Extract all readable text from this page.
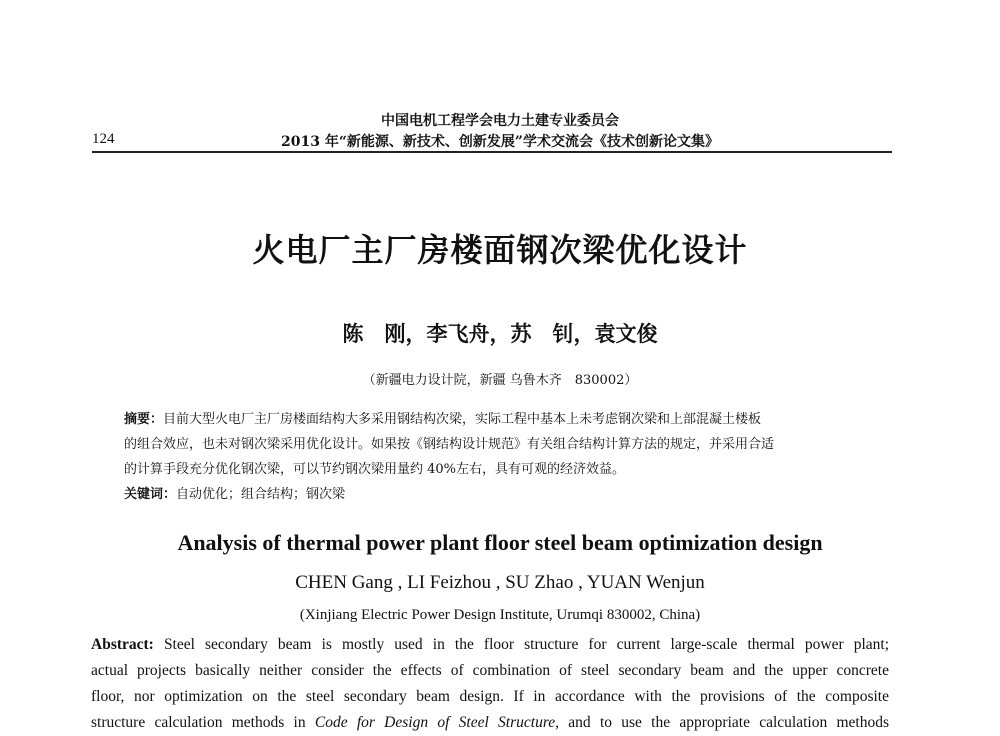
中国电机工程学会电力土建专业委员会
124	2013 年“新能源、新技术、创新发展”学术交流会《技术创新论文集》
火电厂主厂房楼面钢次梁优化设计
陈　刚，李飞舟，苏　钊，袁文俊
（新疆电力设计院，新疆 乌鲁木齐　830002）

摘要：目前大型火电厂主厂房楼面结构大多采用钢结构次梁，实际工程中基本上未考虑钢次梁和上部混凝土楼板

的组合效应，也未对钢次梁采用优化设计。如果按《钢结构设计规范》有关组合结构计算方法的规定，并采用合适

的计算手段充分优化钢次梁，可以节约钢次梁用量约 40%左右，具有可观的经济效益。

关键词：自动优化；组合结构；钢次梁

Analysis of thermal power plant floor steel beam optimization design
CHEN Gang , LI Feizhou , SU Zhao , YUAN Wenjun
(Xinjiang Electric Power Design Institute, Urumqi 830002, China)

Abstract: Steel secondary beam is mostly used in the floor structure for current large-scale thermal power plant;

actual projects basically neither consider the effects of combination of steel secondary beam and the upper concrete

floor, nor optimization on the steel secondary beam design. If in accordance with the provisions of the composite

structure calculation methods in Code for Design of Steel Structure, and to use the appropriate calculation methods
